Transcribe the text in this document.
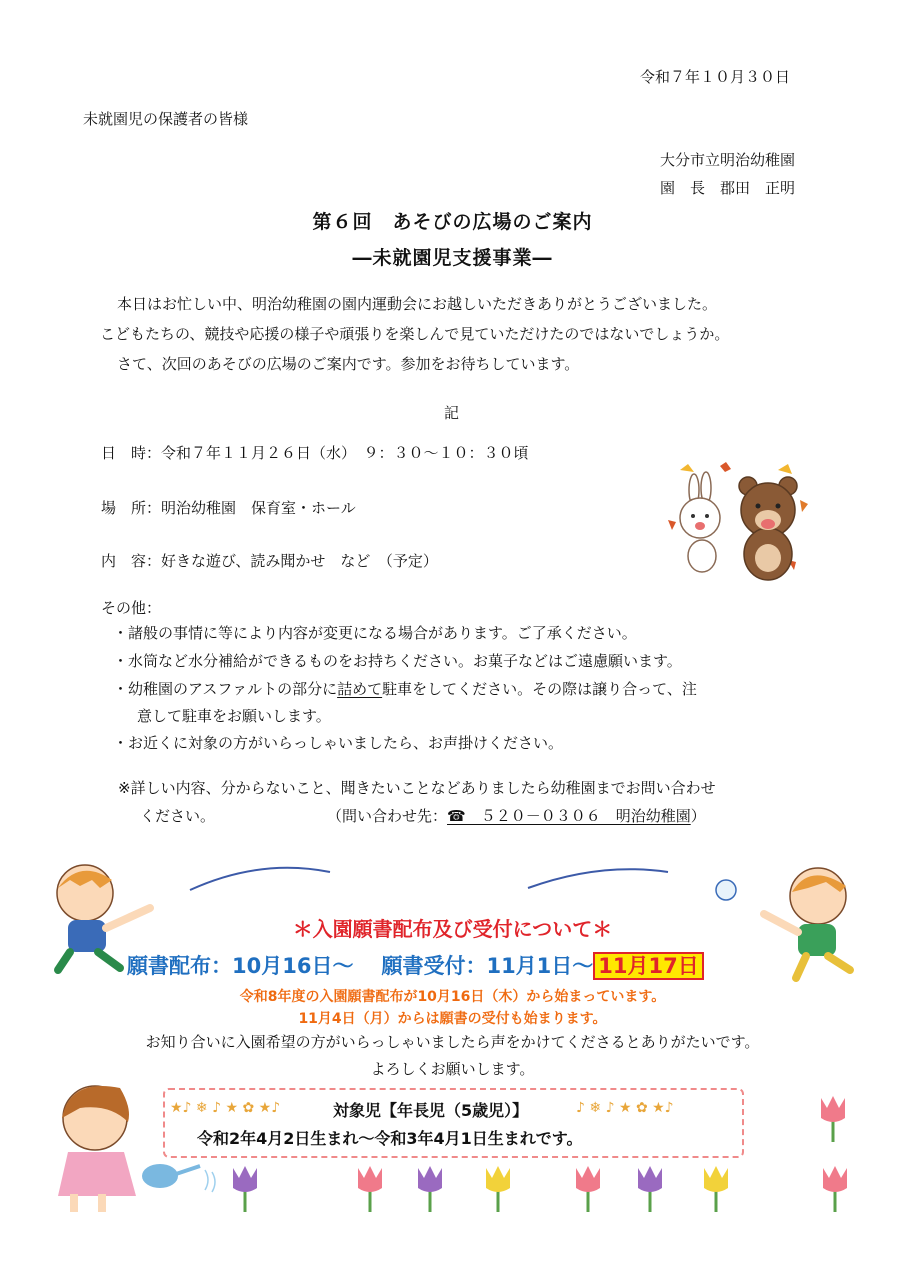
令和７年１０月３０日
未就園児の保護者の皆様
大分市立明治幼稚園
園　長　郡田　正明
第６回　あそびの広場のご案内
―未就園児支援事業―
本日はお忙しい中、明治幼稚園の園内運動会にお越しいただきありがとうございました。
こどもたちの、競技や応援の様子や頑張りを楽しんで見ていただけたのではないでしょうか。
さて、次回のあそびの広場のご案内です。参加をお待ちしています。
記
日　時：令和７年１１月２６日（水）　９：３０～１０：３０頃
場　所：明治幼稚園　保育室・ホール
内　容：好きな遊び、読み聞かせ　など　（予定）
その他：
・諸般の事情に等により内容が変更になる場合があります。ご了承ください。
・水筒など水分補給ができるものをお持ちください。お菓子などはご遠慮願います。
・幼稚園のアスファルトの部分に詰めて駐車をしてください。その際は譲り合って、注
意して駐車をお願いします。
・お近くに対象の方がいらっしゃいましたら、お声掛けください。
※詳しい内容、分からないこと、聞きたいことなどありましたら幼稚園までお問い合わせ
ください。	（問い合わせ先：☎　５２０－０３０６　明治幼稚園）
＊入園願書配布及び受付について＊
願書配布：10月16日～ 願書受付：11月1日～ 11月17日
令和8年度の入園願書配布が10月16日（木）から始まっています。
11月4日（月）からは願書の受付も始まります。
お知り合いに入園希望の方がいらっしゃいましたら声をかけてくださるとありがたいです。
よろしくお願いします。
★♪ ❄ ♪ ★ ✿ ★♪	♪ ❄ ♪ ★ ✿ ★♪
対象児【年長児（5歳児）】
令和2年4月2日生まれ～令和3年4月1日生まれです。
